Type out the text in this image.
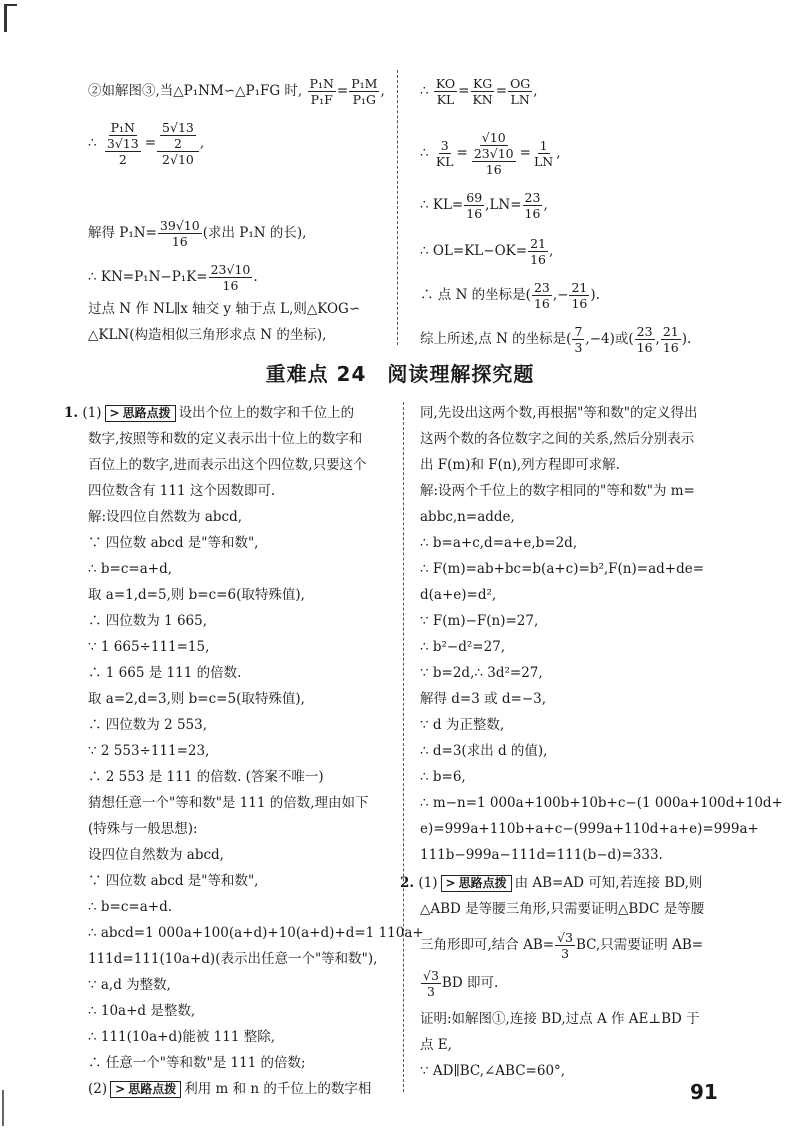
②如解图③,当△P₁NM∽△P₁FG 时, $\frac{\text{P₁N}}{\text{P₁F}} = \frac{\text{P₁M}}{\text{P₁G}}$ ,
∴ $\frac{\text{P₁N}}{\frac{3√13}{2}} = \frac{\frac{5√13}{2}}{2√10}$ ,
解得 $P_1N= \frac{39√10}{16}$ (求出 P₁N 的长),
∴ $KN=P_1N-P_1K= \frac{23√10}{16}$ .
过点 N 作 NL∥x 轴交 y 轴于点 L,则△KOG∽
△KLN(构造相似三角形求点 N 的坐标),
∴ $\frac{KO}{KL} = \frac{KG}{KN} = \frac{OG}{LN}$ ,
∴ $\frac{3}{KL} = \frac{√10}{\frac{23√10}{16}} = \frac{1}{LN}$ ,
∴ $KL= \frac{69}{16} ,LN= \frac{23}{16}$ ,
∴ $OL=KL-OK= \frac{21}{16}$ ,
∴ 点 N 的坐标是( $\frac{23}{16}$ ,− $\frac{21}{16}$ ).
综上所述,点 N 的坐标是( $\frac{7}{3} ,-4$)或( $\frac{23}{16}$ , $\frac{21}{16}$ ).
重难点 24　阅读理解探究题
1. (1) > 思路点拨 设出个位上的数字和千位上的
数字,按照等和数的定义表示出十位上的数字和
百位上的数字,进而表示出这个四位数,只要这个
四位数含有 111 这个因数即可.
解:设四位自然数为 abcd,
∵ 四位数 abcd 是"等和数",
∴ b=c=a+d,
取 a=1,d=5,则 b=c=6(取特殊值),
∴ 四位数为 1 665,
∵ 1 665÷111=15,
∴ 1 665 是 111 的倍数.
取 a=2,d=3,则 b=c=5(取特殊值),
∴ 四位数为 2 553,
∵ 2 553÷111=23,
∴ 2 553 是 111 的倍数. (答案不唯一)
猜想任意一个"等和数"是 111 的倍数,理由如下
(特殊与一般思想):
设四位自然数为 abcd,
∵ 四位数 abcd 是"等和数",
∴ b=c=a+d.
∴ abcd=1 000a+100(a+d)+10(a+d)+d=1 110a+
111d=111(10a+d)(表示出任意一个"等和数"),
∵ a,d 为整数,
∴ 10a+d 是整数,
∴ 111(10a+d)能被 111 整除,
∴ 任意一个"等和数"是 111 的倍数;
(2) > 思路点拨 利用 m 和 n 的千位上的数字相
同,先设出这两个数,再根据"等和数"的定义得出
这两个数的各位数字之间的关系,然后分别表示
出 F(m)和 F(n),列方程即可求解.
解:设两个千位上的数字相同的"等和数"为 m=
abbc,n=adde,
∴ b=a+c,d=a+e,b=2d,
∴ F(m)=ab+bc=b(a+c)=b²,F(n)=ad+de=
d(a+e)=d²,
∵ F(m)−F(n)=27,
∴ b²−d²=27,
∵ b=2d,∴ 3d²=27,
解得 d=3 或 d=−3,
∵ d 为正整数,
∴ d=3(求出 d 的值),
∴ b=6,
∴ m−n=1 000a+100b+10b+c−(1 000a+100d+10d+
e)=999a+110b+a+c−(999a+110d+a+e)=999a+
111b−999a−111d=111(b−d)=333.
2. (1) > 思路点拨 由 AB=AD 可知,若连接 BD,则
△ABD 是等腰三角形,只需要证明△BDC 是等腰
三角形即可,结合 $AB= \frac{√3}{3}$ BC,只需要证明 AB=
$\frac{√3}{3}$ BD 即可.
证明:如解图①,连接 BD,过点 A 作 AE⊥BD 于
点 E,
∵ AD∥BC,∠ABC=60°,
91
